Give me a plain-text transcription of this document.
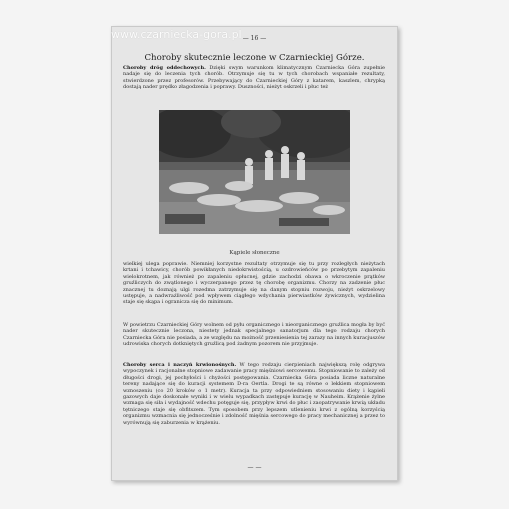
www.czarniecka-gora.pl — 16 —
Choroby skutecznie leczone w Czarnieckiej Górze.
Choroby dróg oddechowych. Dzięki swym warunkom klimatycznym Czarniecka Góra zupełnie nadaje się do leczenia tych chorób. Otrzymuje się tu w tych chorobach wspaniałe rezultaty, stwierdzone przez profesorów. Przebywający do Czarnieckiej Góry z katarem, kaszlem, chrypką dostają nader prędko złagodzenia i poprawy. Duszności, nieżyt oskrzeli i płuc też
Kąpiele słoneczne
wielkiej ulega poprawie. Niemniej korzystne rezultaty otrzymuje się tu przy rozległych nieżytach krtani i tchawicy, chorób powikłanych niedokrwistością, u ozdrowieńców po przebytym zapaleniu wielokrotnem, jak również po zapaleniu opłucnej, gdzie zachodzi obawa o wkroczenie prątków gruźliczych do zwątlonego i wyczerpanego przez tę chorobę organizmu. Chorzy na zadzenie płuc znacznej tu doznają ulgi rozedma zatrzymuje się na danym stopniu rozwoju, nieżyt oskrzelowy ustępuje, a nadwrażliwość pod wpływem ciągłego wdychania pierwiastków żywicznych, wydzielina staje się skąpa i ogranicza się do minimum.
W powietrzu Czarnieckiej Góry wolnem od pyłu organicznego i nieorganicznego gruźlica mogła by być nader skutecznie leczona, niestety jednak specjalnego sanatorjum dla tego rodzaju chorych Czarniecka Góra nie posiada, a ze względu na możność przeniesienia tej zarazy na innych kuracjuszów udrowiska chorych dotkniętych gruźlicą pod żadnym pozorem nie przyjmuje.
Choroby serca i naczyń krwionośnych. W tego rodzaju cierpieniach największą rolę odgrywa wypoczynek i racjonalne stopniowe zadawanie pracy mięśniowi sercowemu. Stopniowanie to zależy od długości drogi, jej pochyłości i chyżości postępowania. Czarniecka Góra posiada liczne naturalne tereny nadające się do kuracji systemem D-ra Oertla. Drogi te są równe o lekkiem stopniowem wznoszeniu (co 20 kroków o 1 metr). Kuracja ta przy odpowiedniem stosowaniu diety i kąpieli gazowych daje doskonałe wyniki i w wielu wypadkach zastępuje kurację w Nauheim. Krążenie żylne wzmaga się siła i wydajność wdechu potęguje się, przypływ krwi do płuc i zaopatrywanie krwią układu tętniczego staje się obfitszem. Tym sposobem przy lepszem utlenieniu krwi z ogólną korzyścią organizmu wzmacnia się jednocześnie i zdolność mięśnia sercowego do pracy mechanicznej a przez to wyrównują się zaburzenia w krążeniu.
— —
